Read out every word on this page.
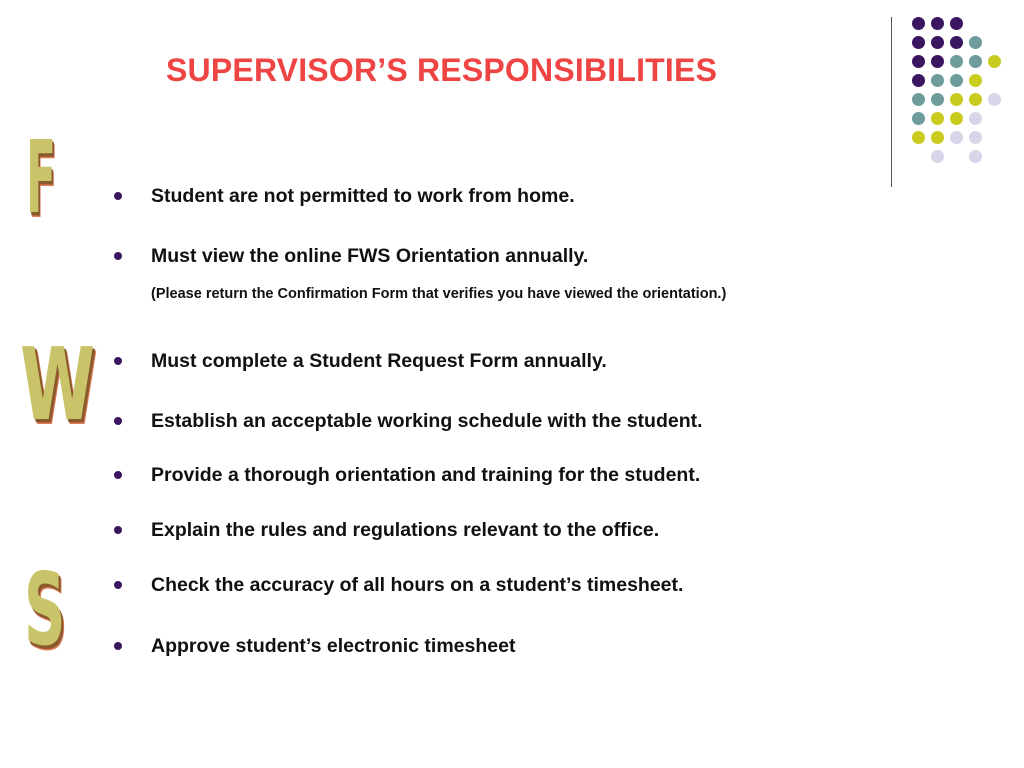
SUPERVISOR’S RESPONSIBILITIES
F
W
S
Student are not permitted to work from home.
Must view the online FWS Orientation annually.
(Please return the Confirmation Form that verifies you have viewed the orientation.)
Must complete a Student Request Form annually.
Establish an acceptable working schedule with the student.
Provide a thorough orientation and training for the student.
Explain the rules and regulations relevant to the office.
Check the accuracy of all hours on a student’s timesheet.
Approve student’s electronic timesheet
